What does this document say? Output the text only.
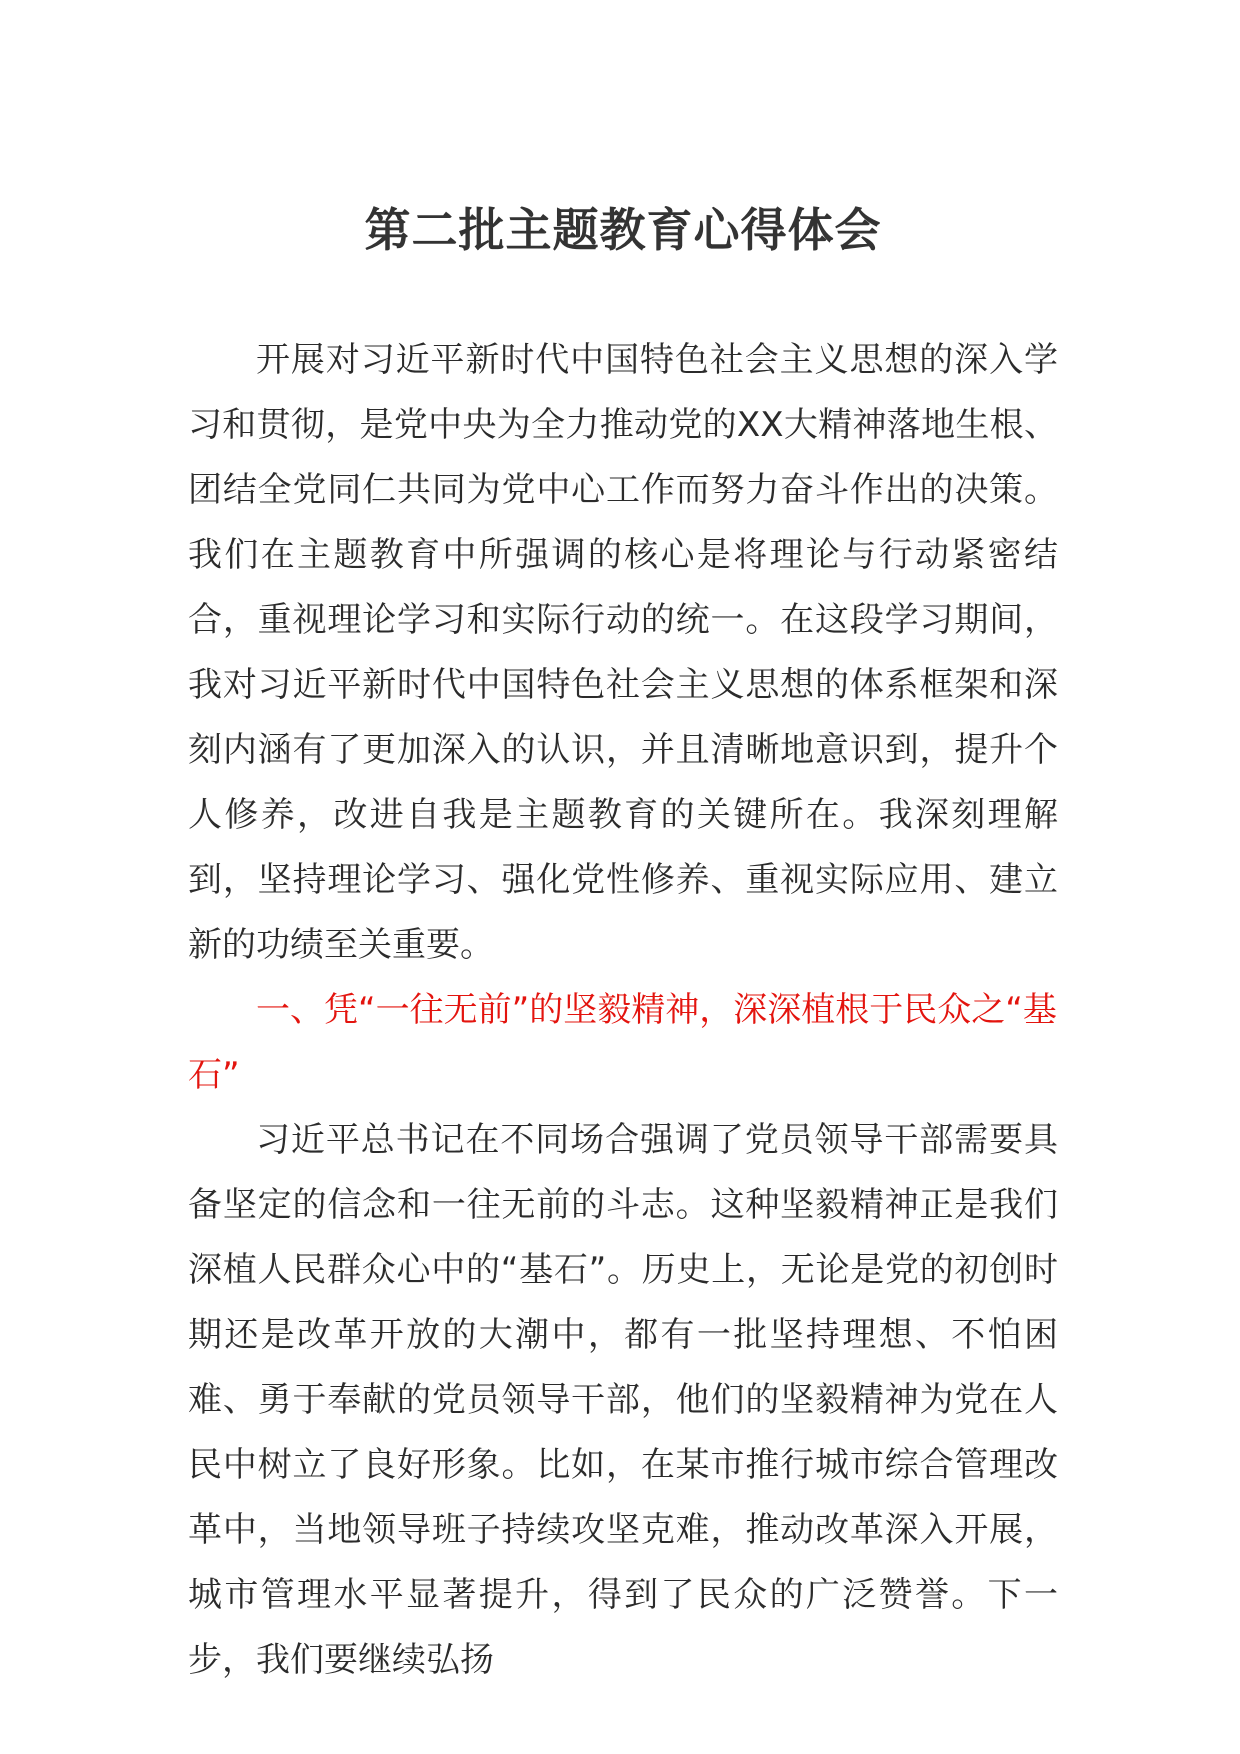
第二批主题教育心得体会

开展对习近平新时代中国特色社会主义思想的深入学习和贯彻，是党中央为全力推动党的XX大精神落地生根、团结全党同仁共同为党中心工作而努力奋斗作出的决策。我们在主题教育中所强调的核心是将理论与行动紧密结合，重视理论学习和实际行动的统一。在这段学习期间，我对习近平新时代中国特色社会主义思想的体系框架和深刻内涵有了更加深入的认识，并且清晰地意识到，提升个人修养，改进自我是主题教育的关键所在。我深刻理解到，坚持理论学习、强化党性修养、重视实际应用、建立新的功绩至关重要。

一、凭“一往无前”的坚毅精神，深深植根于民众之“基石”

习近平总书记在不同场合强调了党员领导干部需要具备坚定的信念和一往无前的斗志。这种坚毅精神正是我们深植人民群众心中的“基石”。历史上，无论是党的初创时期还是改革开放的大潮中，都有一批坚持理想、不怕困难、勇于奉献的党员领导干部，他们的坚毅精神为党在人民中树立了良好形象。比如，在某市推行城市综合管理改革中，当地领导班子持续攻坚克难，推动改革深入开展，城市管理水平显著提升，得到了民众的广泛赞誉。下一步，我们要继续弘扬
